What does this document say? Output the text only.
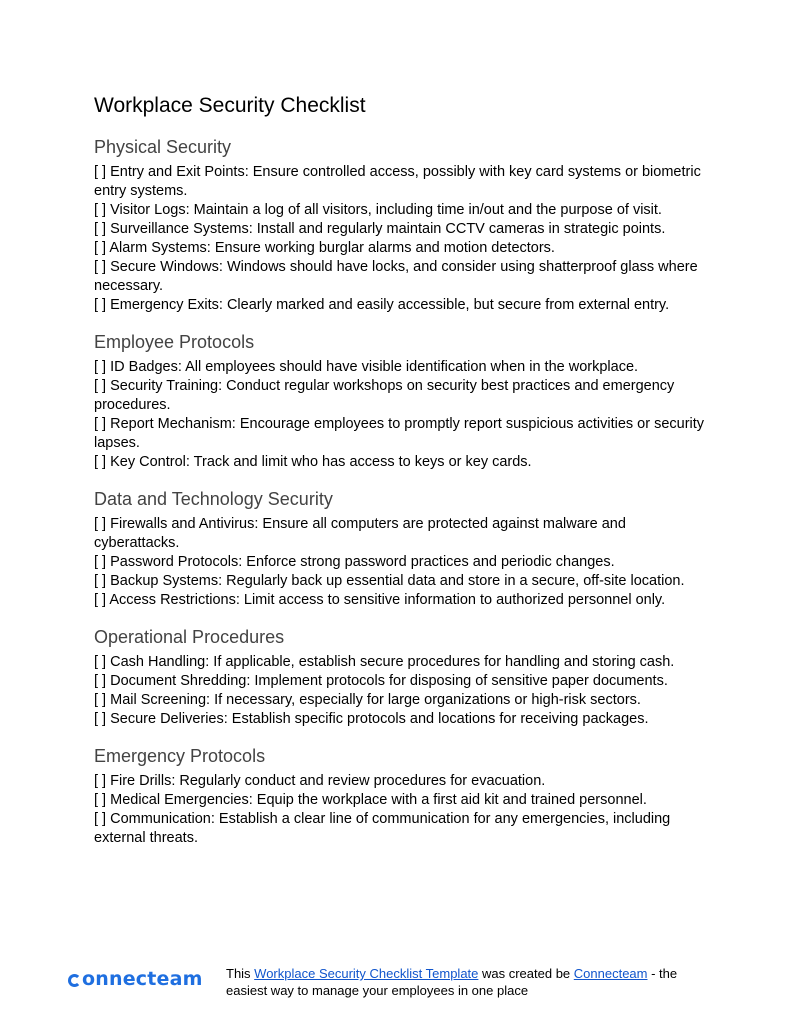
Workplace Security Checklist
Physical Security
[ ] Entry and Exit Points: Ensure controlled access, possibly with key card systems or biometric entry systems.
[ ] Visitor Logs: Maintain a log of all visitors, including time in/out and the purpose of visit.
[ ] Surveillance Systems: Install and regularly maintain CCTV cameras in strategic points.
[ ] Alarm Systems: Ensure working burglar alarms and motion detectors.
[ ] Secure Windows: Windows should have locks, and consider using shatterproof glass where necessary.
[ ] Emergency Exits: Clearly marked and easily accessible, but secure from external entry.
Employee Protocols
[ ] ID Badges: All employees should have visible identification when in the workplace.
[ ] Security Training: Conduct regular workshops on security best practices and emergency procedures.
[ ] Report Mechanism: Encourage employees to promptly report suspicious activities or security lapses.
[ ] Key Control: Track and limit who has access to keys or key cards.
Data and Technology Security
[ ] Firewalls and Antivirus: Ensure all computers are protected against malware and cyberattacks.
[ ] Password Protocols: Enforce strong password practices and periodic changes.
[ ] Backup Systems: Regularly back up essential data and store in a secure, off-site location.
[ ] Access Restrictions: Limit access to sensitive information to authorized personnel only.
Operational Procedures
[ ] Cash Handling: If applicable, establish secure procedures for handling and storing cash.
[ ] Document Shredding: Implement protocols for disposing of sensitive paper documents.
[ ] Mail Screening: If necessary, especially for large organizations or high-risk sectors.
[ ] Secure Deliveries: Establish specific protocols and locations for receiving packages.
Emergency Protocols
[ ] Fire Drills: Regularly conduct and review procedures for evacuation.
[ ] Medical Emergencies: Equip the workplace with a first aid kit and trained personnel.
[ ] Communication: Establish a clear line of communication for any emergencies, including external threats.
onnecteam This Workplace Security Checklist Template was created be Connecteam - the easiest way to manage your employees in one place
